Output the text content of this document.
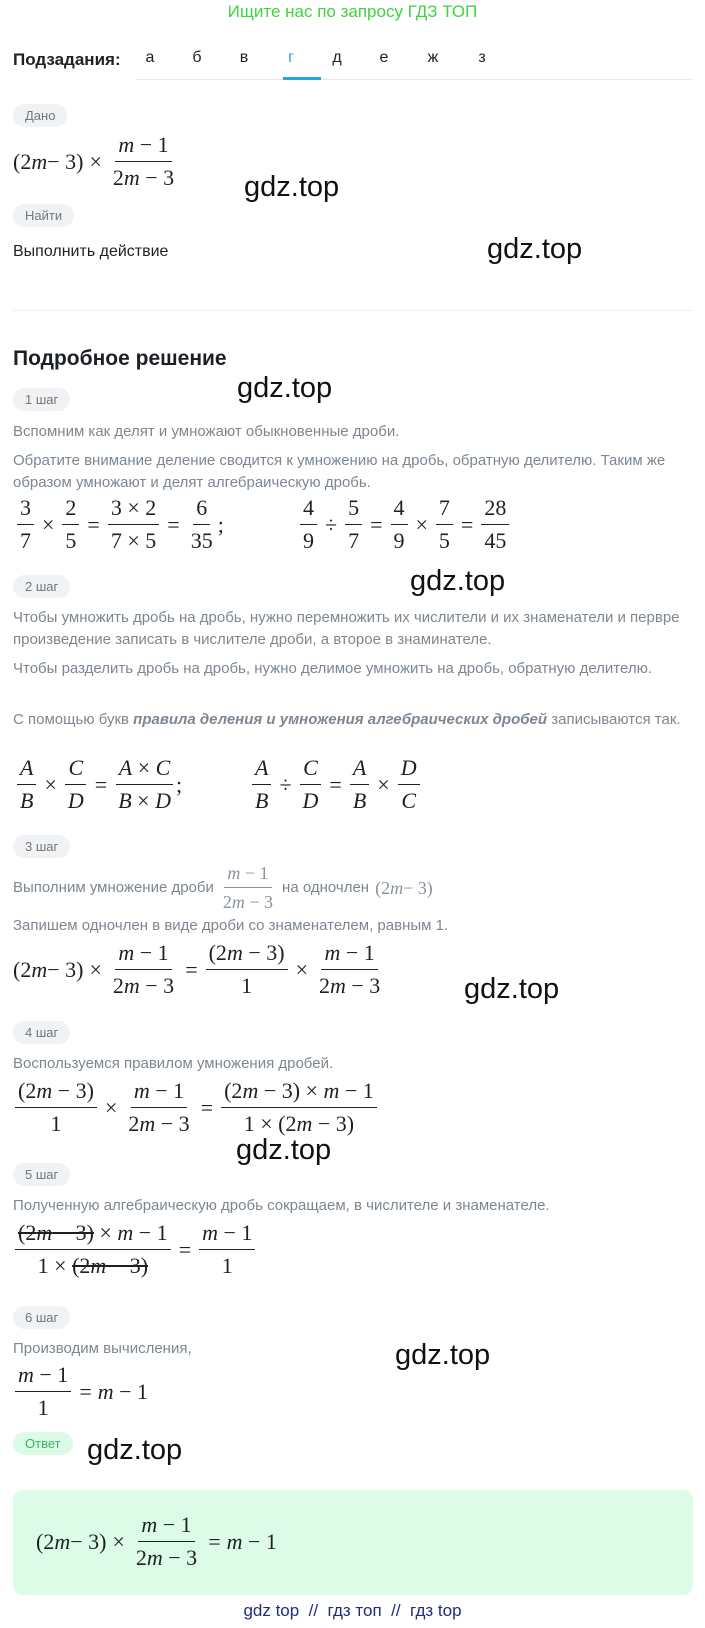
Ищите нас по запросу ГДЗ ТОП
Подзадания:	а	б	в	г	д	е	ж	з
Дано
(2 $m - 3) \times \frac{m - 1}{2m - 3}$
Найти
Выполнить действие
Подробное решение
1 шаг
Вспомним как делят и умножают обыкновенные дроби.
Обратите внимание деление сводится к умножению на дробь, обратную делителю. Таким же образом умножают и делят алгебраическую дробь.
$\frac{3}{7} \times \frac{2}{5} = \frac{3 \times 2}{7 \times 5} = \frac{6}{35}$ ;	$\frac{4}{9} \div \frac{5}{7} = \frac{4}{9} \times \frac{7}{5} = \frac{28}{45}$
2 шаг
Чтобы умножить дробь на дробь, нужно перемножить их числители и их знаменатели и перврe произведение записать в числителе дроби, а второе в знаминателе.
Чтобы разделить дробь на дробь, нужно делимое умножить на дробь, обратную делителю.
С помощью букв правила деления и умножения алгебраических дробей записываются так.
$\frac{A}{B} \times \frac{C}{D} = \frac{A \times C}{B \times D}$ ;	$\frac{A}{B} \div \frac{C}{D} = \frac{A}{B} \times \frac{D}{C}$
3 шаг
Выполним умножение дроби $\frac{m - 1}{2m - 3}$ на одночлен (2 m − 3)
Запишем одночлен в виде дроби со знаменателем, равным 1.
(2 $m - 3) \times \frac{m - 1}{2m - 3} = \frac{(2m - 3)}{1} \times \frac{m - 1}{2m - 3}$
4 шаг
Воспользуемся правилом умножения дробей.
$\frac{(2m - 3)}{1} \times \frac{m - 1}{2m - 3} = \frac{(2m - 3) \times m - 1}{1 \times (2m - 3)}$
5 шаг
Полученную алгебраическую дробь сокращаем, в числителе и знаменателе.
$\frac{(2m - 3) \times m - 1}{1 \times (2m - 3)} = \frac{m - 1}{1}$
6 шаг
Производим вычисления,
$\frac{m - 1}{1} = m - 1$
Ответ
(2 $m - 3) \times \frac{m - 1}{2m - 3} = m - 1$
gdz.top
gdz.top
gdz.top
gdz.top
gdz.top
gdz.top
gdz.top
gdz.top
gdz top  //  гдз топ  //  гдз top
